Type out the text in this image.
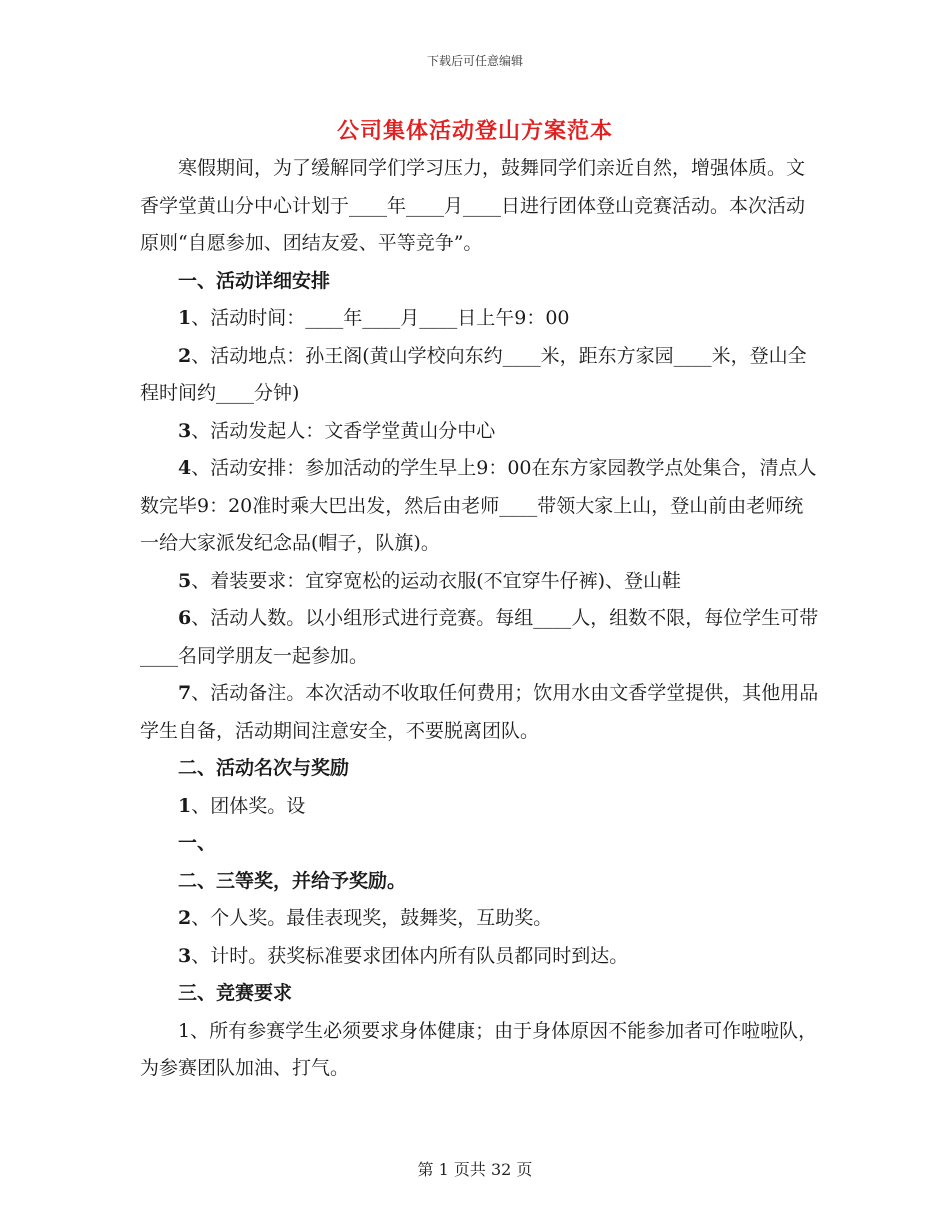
下载后可任意编辑
公司集体活动登山方案范本

寒假期间，为了缓解同学们学习压力，鼓舞同学们亲近自然，增强体质。文香学堂黄山分中心计划于____年____月____日进行团体登山竞赛活动。本次活动原则“自愿参加、团结友爱、平等竞争”。

一、活动详细安排

1、活动时间：____年____月____日上午9：00

2、活动地点：孙王阁(黄山学校向东约____米，距东方家园____米，登山全程时间约____分钟)

3、活动发起人：文香学堂黄山分中心

4、活动安排：参加活动的学生早上9：00在东方家园教学点处集合，清点人数完毕9：20准时乘大巴出发，然后由老师____带领大家上山，登山前由老师统一给大家派发纪念品(帽子，队旗)。

5、着装要求：宜穿宽松的运动衣服(不宜穿牛仔裤)、登山鞋

6、活动人数。以小组形式进行竞赛。每组____人，组数不限，每位学生可带____名同学朋友一起参加。

7、活动备注。本次活动不收取任何费用；饮用水由文香学堂提供，其他用品学生自备，活动期间注意安全，不要脱离团队。

二、活动名次与奖励

1、团体奖。设

一、

二、三等奖，并给予奖励。

2、个人奖。最佳表现奖，鼓舞奖，互助奖。

3、计时。获奖标准要求团体内所有队员都同时到达。

三、竞赛要求

1、所有参赛学生必须要求身体健康；由于身体原因不能参加者可作啦啦队，为参赛团队加油、打气。

第 1 页共 32 页
